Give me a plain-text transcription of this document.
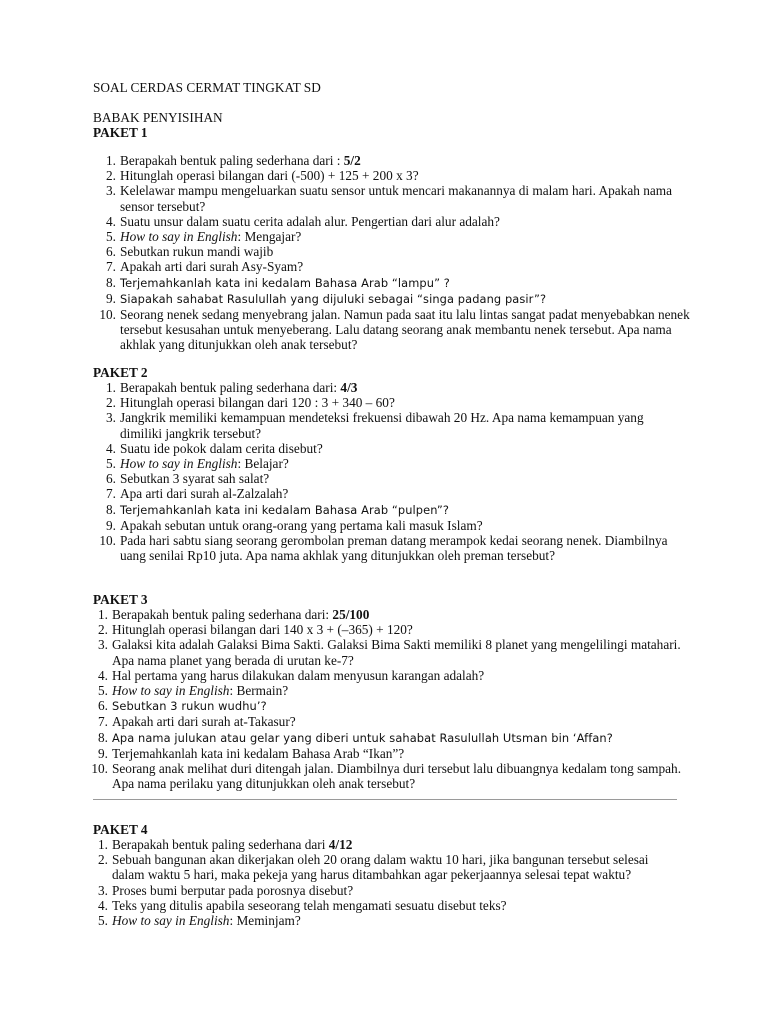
SOAL CERDAS CERMAT TINGKAT SD
BABAK PENYISIHAN
PAKET 1
1. Berapakah bentuk paling sederhana dari : 5/2
2. Hitunglah operasi bilangan dari (-500) + 125 + 200 x 3?
3. Kelelawar mampu mengeluarkan suatu sensor untuk mencari makanannya di malam hari. Apakah nama sensor tersebut?
4. Suatu unsur dalam suatu cerita adalah alur. Pengertian dari alur adalah?
5. How to say in English: Mengajar?
6. Sebutkan rukun mandi wajib
7. Apakah arti dari surah Asy-Syam?
8. Terjemahkanlah kata ini kedalam Bahasa Arab “lampu” ?
9. Siapakah sahabat Rasulullah yang dijuluki sebagai “singa padang pasir”?
10. Seorang nenek sedang menyebrang jalan. Namun pada saat itu lalu lintas sangat padat menyebabkan nenek tersebut kesusahan untuk menyeberang. Lalu datang seorang anak membantu nenek tersebut. Apa nama akhlak yang ditunjukkan oleh anak tersebut?
PAKET 2
1. Berapakah bentuk paling sederhana dari: 4/3
2. Hitunglah operasi bilangan dari 120 : 3 + 340 – 60?
3. Jangkrik memiliki kemampuan mendeteksi frekuensi dibawah 20 Hz. Apa nama kemampuan yang dimiliki jangkrik tersebut?
4. Suatu ide pokok dalam cerita disebut?
5. How to say in English: Belajar?
6. Sebutkan 3 syarat sah salat?
7. Apa arti dari surah al-Zalzalah?
8. Terjemahkanlah kata ini kedalam Bahasa Arab “pulpen”?
9. Apakah sebutan untuk orang-orang yang pertama kali masuk Islam?
10. Pada hari sabtu siang seorang gerombolan preman datang merampok kedai seorang nenek. Diambilnya uang senilai Rp10 juta. Apa nama akhlak yang ditunjukkan oleh preman tersebut?
PAKET 3
1. Berapakah bentuk paling sederhana dari: 25/100
2. Hitunglah operasi bilangan dari 140 x 3 + (–365) + 120?
3. Galaksi kita adalah Galaksi Bima Sakti. Galaksi Bima Sakti memiliki 8 planet yang mengelilingi matahari. Apa nama planet yang berada di urutan ke-7?
4. Hal pertama yang harus dilakukan dalam menyusun karangan adalah?
5. How to say in English: Bermain?
6. Sebutkan 3 rukun wudhu’?
7. Apakah arti dari surah at-Takasur?
8. Apa nama julukan atau gelar yang diberi untuk sahabat Rasulullah Utsman bin ‘Affan?
9. Terjemahkanlah kata ini kedalam Bahasa Arab “Ikan”?
10. Seorang anak melihat duri ditengah jalan. Diambilnya duri tersebut lalu dibuangnya kedalam tong sampah. Apa nama perilaku yang ditunjukkan oleh anak tersebut?
PAKET 4
1. Berapakah bentuk paling sederhana dari 4/12
2. Sebuah bangunan akan dikerjakan oleh 20 orang dalam waktu 10 hari, jika bangunan tersebut selesai dalam waktu 5 hari, maka pekeja yang harus ditambahkan agar pekerjaannya selesai tepat waktu?
3. Proses bumi berputar pada porosnya disebut?
4. Teks yang ditulis apabila seseorang telah mengamati sesuatu disebut teks?
5. How to say in English: Meminjam?
